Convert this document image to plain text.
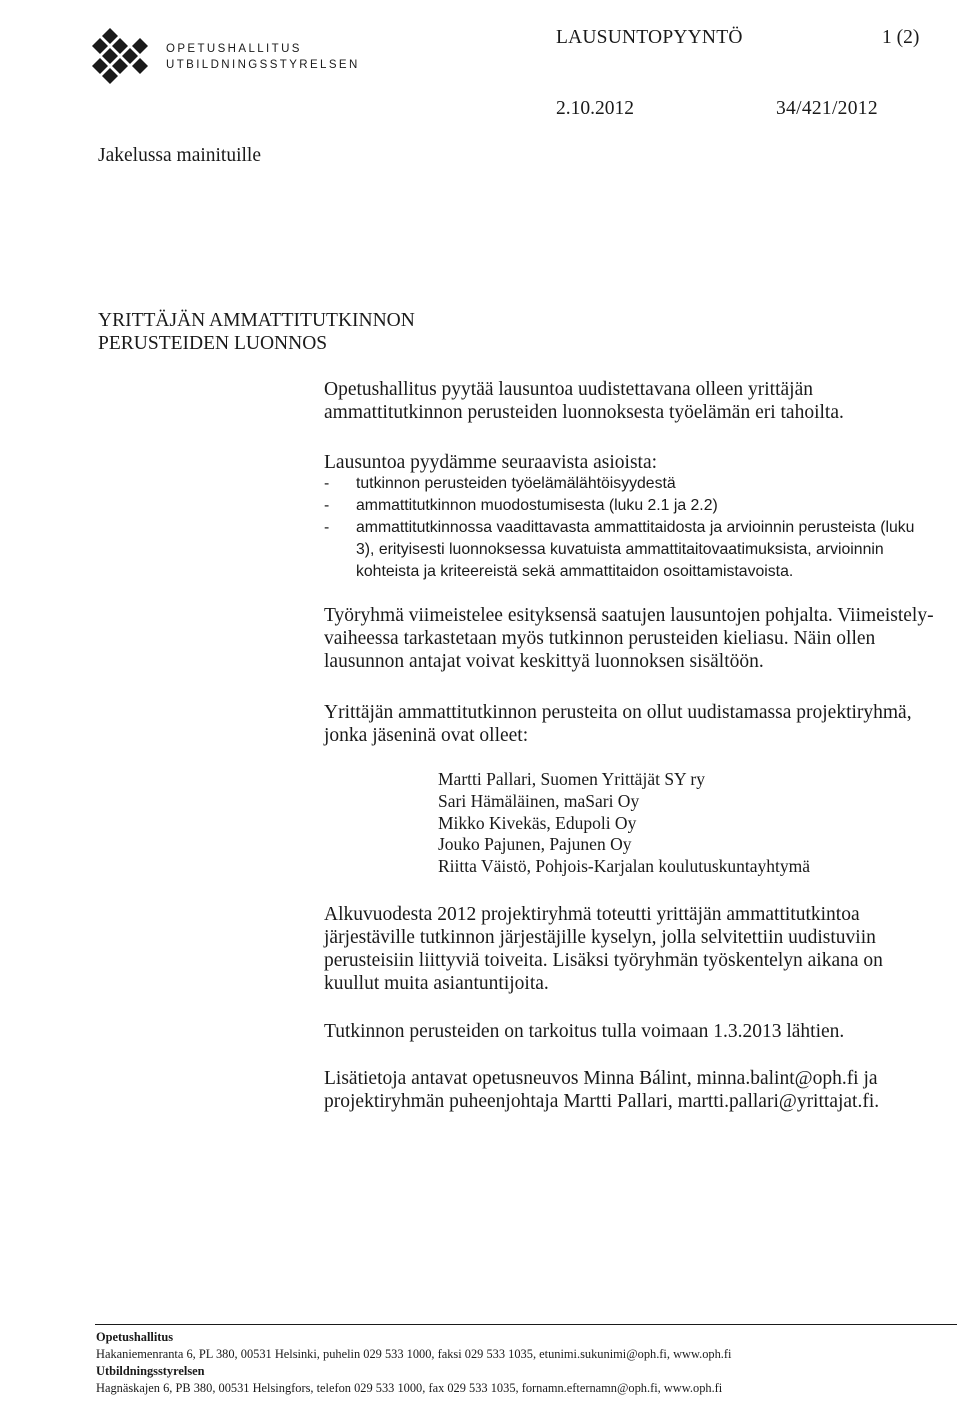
OPETUSHALLITUS
UTBILDNINGSSTYRELSEN
LAUSUNTOPYYNTÖ	1 (2)
2.10.2012	34/421/2012
Jakelussa mainituille
YRITTÄJÄN AMMATTITUTKINNON
PERUSTEIDEN LUONNOS
Opetushallitus pyytää lausuntoa uudistettavana olleen yrittäjän ammattitutkinnon perusteiden luonnoksesta työelämän eri tahoilta.
Lausuntoa pyydämme seuraavista asioista:
- tutkinnon perusteiden työelämälähtöisyydestä
- ammattitutkinnon muodostumisesta (luku 2.1 ja 2.2)
- ammattitutkinnossa vaadittavasta ammattitaidosta ja arvioinnin perusteista (luku 3), erityisesti luonnoksessa kuvatuista ammattitaitovaatimuksista, arvioinnin kohteista ja kriteereistä sekä ammattitaidon osoittamistavoista.
Työryhmä viimeistelee esityksensä saatujen lausuntojen pohjalta. Viimeistely-vaiheessa tarkastetaan myös tutkinnon perusteiden kieliasu. Näin ollen lausunnon antajat voivat keskittyä luonnoksen sisältöön.
Yrittäjän ammattitutkinnon perusteita on ollut uudistamassa projektiryhmä, jonka jäseninä ovat olleet:
Martti Pallari, Suomen Yrittäjät SY ry
Sari Hämäläinen, maSari Oy
Mikko Kivekäs, Edupoli Oy
Jouko Pajunen, Pajunen Oy
Riitta Väistö, Pohjois-Karjalan koulutuskuntayhtymä
Alkuvuodesta 2012 projektiryhmä toteutti yrittäjän ammattitutkintoa järjestäville tutkinnon järjestäjille kyselyn, jolla selvitettiin uudistuviin perusteisiin liittyviä toiveita. Lisäksi työryhmän työskentelyn aikana on kuullut muita asiantuntijoita.
Tutkinnon perusteiden on tarkoitus tulla voimaan 1.3.2013 lähtien.
Lisätietoja antavat opetusneuvos Minna Bálint, minna.balint@oph.fi ja projektiryhmän puheenjohtaja Martti Pallari, martti.pallari@yrittajat.fi.
Opetushallitus
Hakaniemenranta 6, PL 380, 00531 Helsinki, puhelin 029 533 1000, faksi 029 533 1035, etunimi.sukunimi@oph.fi, www.oph.fi
Utbildningsstyrelsen
Hagnäskajen 6, PB 380, 00531 Helsingfors, telefon 029 533 1000, fax 029 533 1035, fornamn.efternamn@oph.fi, www.oph.fi
